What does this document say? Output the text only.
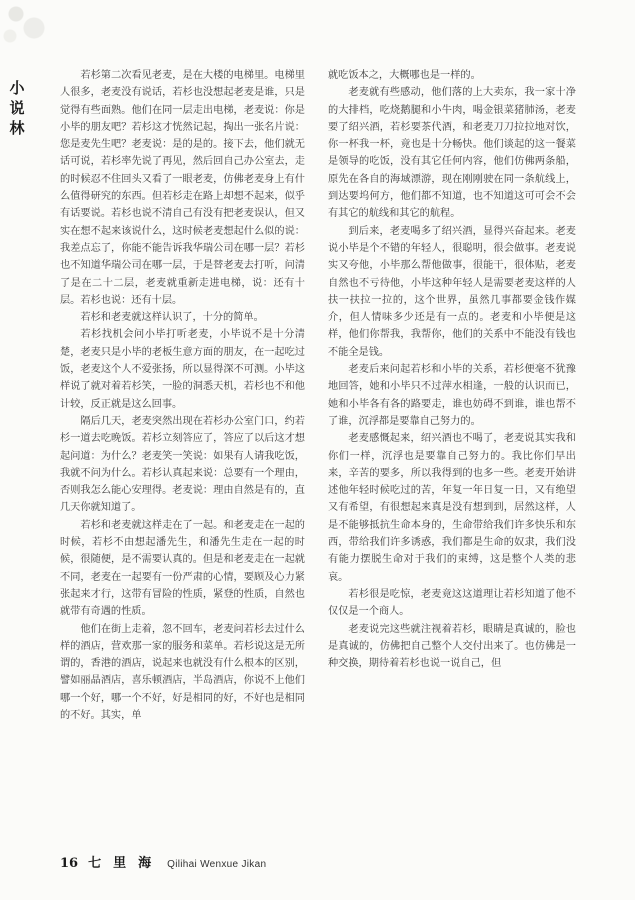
小
说
林

若杉第二次看见老麦，是在大楼的电梯里。电梯里人很多，老麦没有说话，若杉也没想起老麦是谁，只是觉得有些面熟。他们在同一层走出电梯，老麦说：你是小毕的朋友吧？若杉这才恍然记起，掏出一张名片说：您是麦先生吧？老麦说：是的是的。接下去，他们就无话可说，若杉率先说了再见，然后回自己办公室去，走的时候忍不住回头又看了一眼老麦，仿佛老麦身上有什么值得研究的东西。但若杉走在路上却想不起来，似乎有话要说。若杉也说不清自己有没有把老麦误认，但又实在想不起来该说什么，这时候老麦想起什么似的说：我差点忘了，你能不能告诉我华瑞公司在哪一层？若杉也不知道华瑞公司在哪一层，于是替老麦去打听，问清了是在二十二层，老麦就重新走进电梯，说：还有十层。若杉也说：还有十层。

若杉和老麦就这样认识了，十分的简单。

若杉找机会问小毕打听老麦，小毕说不是十分清楚，老麦只是小毕的老板生意方面的朋友，在一起吃过饭，老麦这个人不爱张扬，所以显得深不可测。小毕这样说了就对着若杉笑，一脸的洞悉天机，若杉也不和他计较，反正就是这么回事。

隔后几天，老麦突然出现在若杉办公室门口，约若杉一道去吃晚饭。若杉立刻答应了，答应了以后这才想起问道：为什么？老麦笑一笑说：如果有人请我吃饭，我就不问为什么。若杉认真起来说：总要有一个理由，否则我怎么能心安理得。老麦说：理由自然是有的，直几天你就知道了。

若杉和老麦就这样走在了一起。和老麦走在一起的时候，若杉不由想起潘先生，和潘先生走在一起的时候，很随便，是不需要认真的。但是和老麦走在一起就不同，老麦在一起要有一份严肃的心情，要顾及心力紧张起来才行，这带有冒险的性质，紧登的性质，自然也就带有奇遇的性质。

他们在街上走着，忽不回车，老麦问若杉去过什么样的酒店，营欢那一家的服务和菜单。若杉说这是无所谓的，香港的酒店，说起来也就没有什么根本的区别，譬如丽晶酒店，喜乐顿酒店，半岛酒店，你说不上他们哪一个好，哪一个不好，好是相同的好，不好也是相同的不好。其实，单

就吃饭本之，大概哪也是一样的。

老麦就有些感动，他们落的上大卖东，我一家十净的大排档，吃烧鹅腿和小牛肉，喝金银菜猪肺汤，老麦要了绍兴酒，若杉要茶代酒，和老麦刀刀拉拉地对饮，你一杯我一杯，竟也是十分畅快。他们谈起的这一餐菜是领导的吃饭，没有其它任何内容，他们仿佛两条船，原先在各自的海域漂游，现在刚刚驶在同一条航线上，到达要坞何方，他们都不知道，也不知道这可可会不会有其它的航线和其它的航程。

到后来，老麦喝多了绍兴酒，显得兴奋起来。老麦说小毕是个不错的年轻人，很聪明，很会做事。老麦说实又夸他，小毕那么帮他做事，很能干，很体贴，老麦自然也不亏待他，小毕这种年轻人是需要老麦这样的人扶一扶拉一拉的，这个世界，虽然几事都要金钱作媒介，但人情味多少还是有一点的。老麦和小毕便是这样，他们你帮我，我帮你，他们的关系中不能没有钱也不能全是钱。

老麦后来问起若杉和小毕的关系，若杉便毫不犹豫地回答，她和小毕只不过萍水相逢，一般的认识而已，她和小毕各有各的路要走，谁也妨碍不到谁，谁也帮不了谁，沉浮都是要靠自己努力的。

老麦感慨起来，绍兴酒也不喝了，老麦说其实我和你们一样，沉浮也是要靠自己努力的。我比你们早出来，辛苦的要多，所以我得到的也多一些。老麦开始讲述他年轻时候吃过的苦，年复一年日复一日，又有绝望又有希望，有很想起来真是没有想到到，居然这样，人是不能够抵抗生命本身的，生命带给我们许多快乐和东西，带给我们许多诱惑，我们都是生命的奴隶，我们没有能力摆脱生命对于我们的束缚，这是整个人类的悲哀。

若杉很是吃惊，老麦竟这这道理让若杉知道了他不仅仅是一个商人。

老麦说完这些就注视着若杉，眼睛是真诚的，脸也是真诚的，仿佛把自己整个人交付出来了。也仿佛是一种交换，期待着若杉也说一说自己，但

16 七里海 Qilihai Wenxue Jikan
